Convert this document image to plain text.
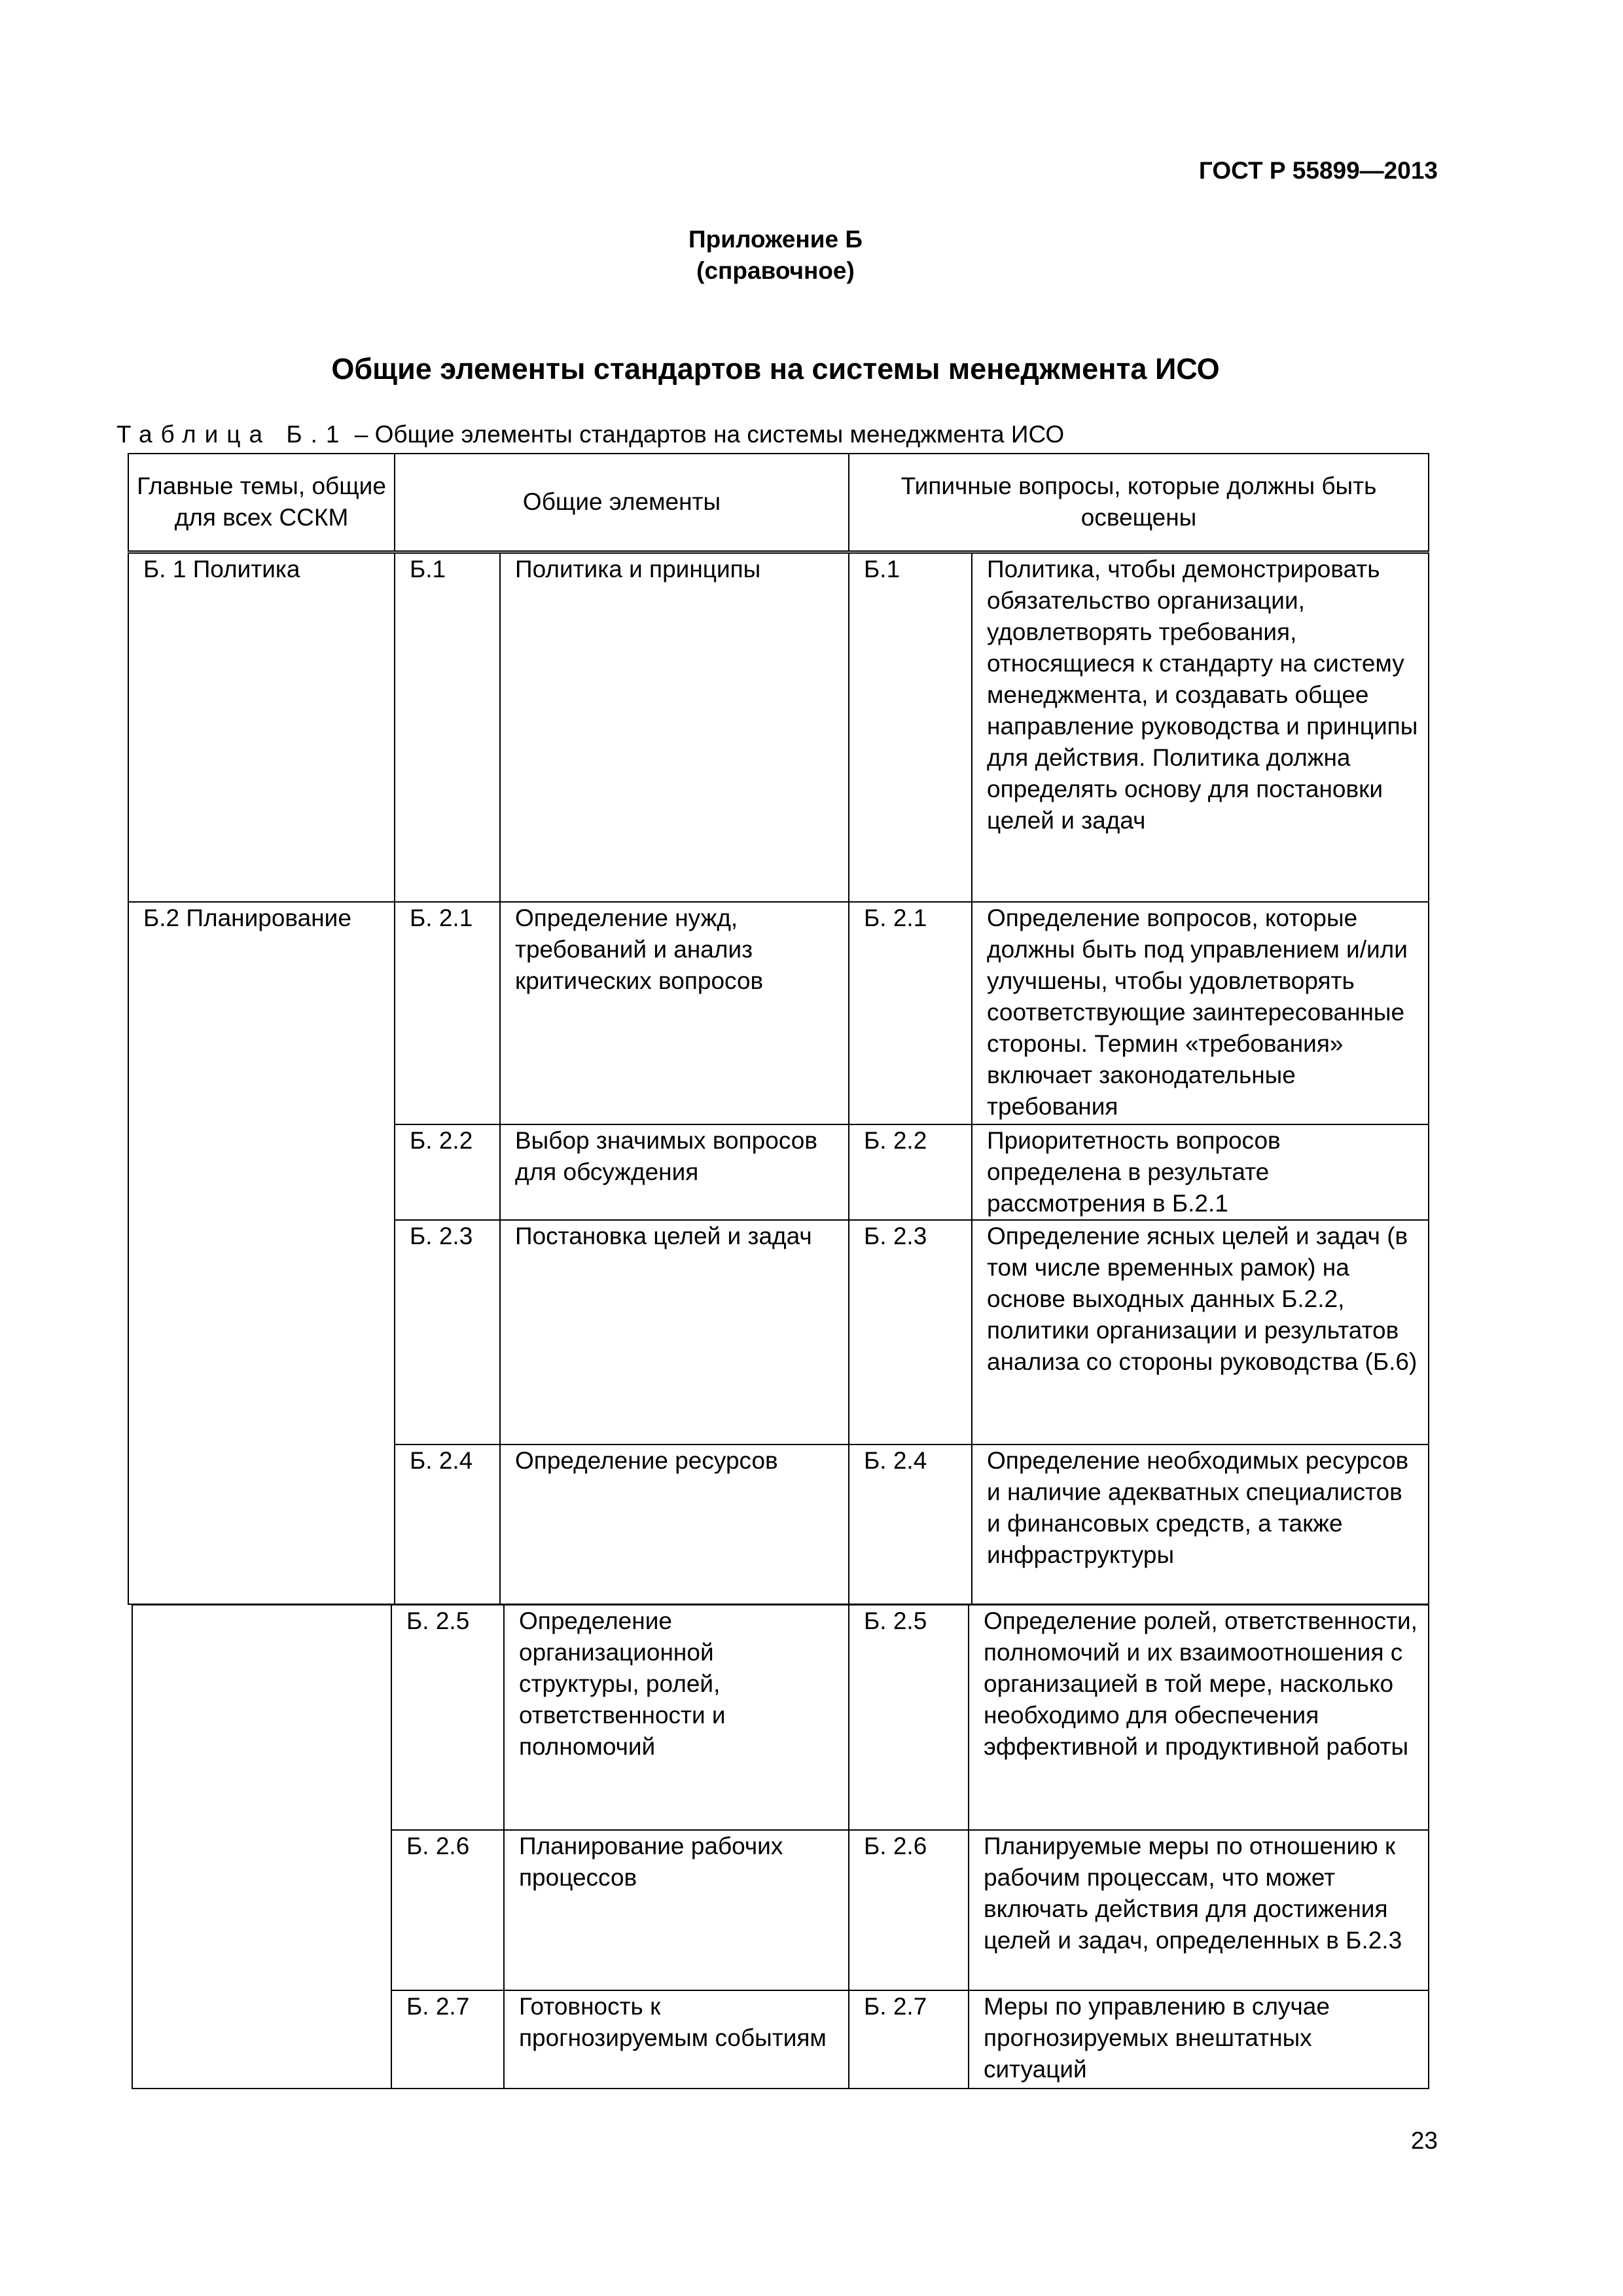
ГОСТ Р 55899—2013
Приложение Б
(справочное)
Общие элементы стандартов на системы менеджмента ИСО
Таблица Б.1 – Общие элементы стандартов на системы менеджмента ИСО
Главные темы, общие для всех ССКМ	Общие элементы		Типичные вопросы, которые должны быть освещены	
Б. 1 Политика	Б.1	Политика и принципы	Б.1	Политика, чтобы демонстрировать обязательство организации, удовлетворять требования, относящиеся к стандарту на систему менеджмента, и создавать общее направление руководства и принципы для действия. Политика должна определять основу для постановки целей и задач
Б.2 Планирование	Б. 2.1	Определение нужд, требований и анализ критических вопросов	Б. 2.1	Определение вопросов, которые должны быть под управлением и/или улучшены, чтобы удовлетворять соответствующие заинтересованные стороны. Термин «требования» включает законодательные требования
	Б. 2.2	Выбор значимых вопросов для обсуждения	Б. 2.2	Приоритетность вопросов определена в результате рассмотрения в Б.2.1
	Б. 2.3	Постановка целей и задач	Б. 2.3	Определение ясных целей и задач (в том числе временных рамок) на основе выходных данных Б.2.2, политики организации и результатов анализа со стороны руководства (Б.6)
	Б. 2.4	Определение ресурсов	Б. 2.4	Определение необходимых ресурсов и наличие адекватных специалистов и финансовых средств, а также инфраструктуры
	Б. 2.5	Определение организационной структуры, ролей, ответственности и полномочий	Б. 2.5	Определение ролей, ответственности, полномочий и их взаимоотношения с организацией в той мере, насколько необходимо для обеспечения эффективной и продуктивной работы
	Б. 2.6	Планирование рабочих процессов	Б. 2.6	Планируемые меры по отношению к рабочим процессам, что может включать действия для достижения целей и задач, определенных в Б.2.3
	Б. 2.7	Готовность к прогнозируемым событиям	Б. 2.7	Меры по управлению в случае прогнозируемых внештатных ситуаций
23
